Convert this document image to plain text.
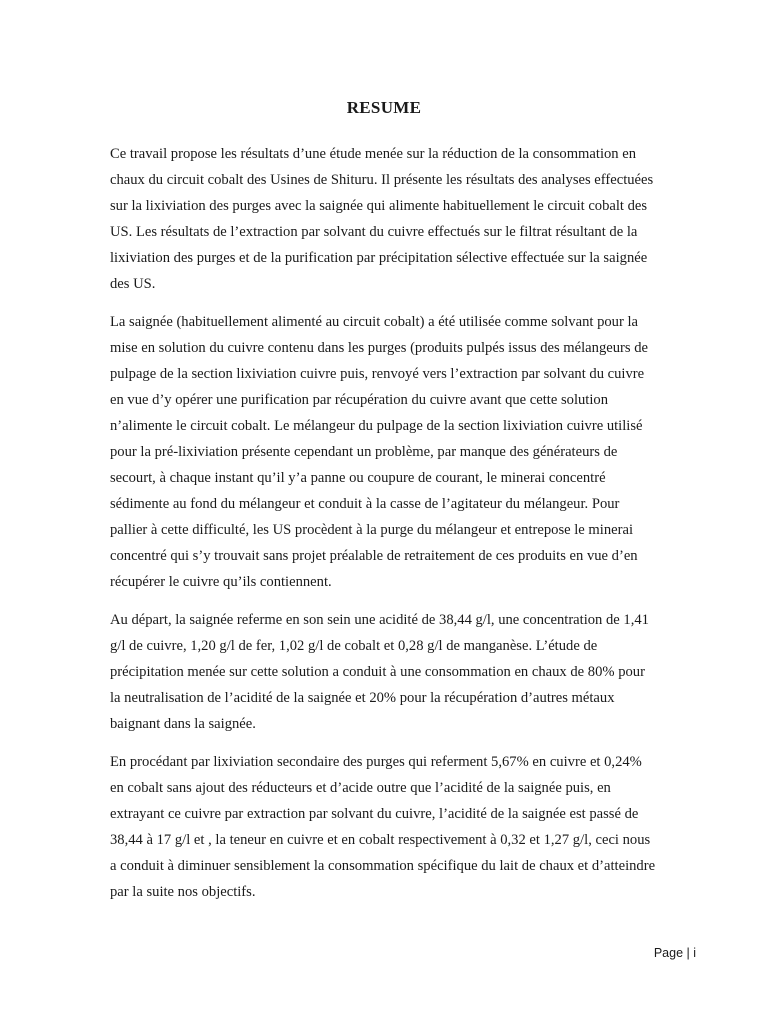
RESUME

Ce travail propose les résultats d’une étude menée sur la réduction de la consommation en chaux du circuit cobalt des Usines de Shituru. Il présente les résultats des analyses effectuées sur la lixiviation des purges avec la saignée qui alimente habituellement le circuit cobalt des US. Les résultats de l’extraction par solvant du cuivre effectués sur le filtrat résultant de la lixiviation des purges et de la purification par précipitation sélective effectuée sur la saignée des US.

La saignée (habituellement alimenté au circuit cobalt) a été utilisée comme solvant pour la mise en solution du cuivre contenu dans les purges (produits pulpés issus des mélangeurs de pulpage de la section lixiviation cuivre puis, renvoyé vers l’extraction par solvant du cuivre en vue d’y opérer une purification par récupération du cuivre avant que cette solution n’alimente le circuit cobalt. Le mélangeur du pulpage de la section lixiviation cuivre utilisé pour la pré-lixiviation présente cependant un problème, par manque des générateurs de secourt, à chaque instant qu’il y’a panne ou coupure de courant, le minerai concentré sédimente au fond du mélangeur et conduit à la casse de l’agitateur du mélangeur. Pour pallier à cette difficulté, les US procèdent à la purge du mélangeur et entrepose le minerai concentré qui s’y trouvait sans projet préalable de retraitement de ces produits en vue d’en récupérer le cuivre qu’ils contiennent.

Au départ, la saignée referme en son sein une acidité de 38,44 g/l, une concentration de 1,41 g/l de cuivre, 1,20 g/l de fer, 1,02 g/l de cobalt et 0,28 g/l de manganèse. L’étude de précipitation menée sur cette solution a conduit à une consommation en chaux de 80% pour la neutralisation de l’acidité de la saignée et 20% pour la récupération d’autres métaux baignant dans la saignée.

En procédant par lixiviation secondaire des purges qui referment 5,67% en cuivre et 0,24% en cobalt sans ajout des réducteurs et d’acide outre que l’acidité de la saignée puis, en extrayant ce cuivre par extraction par solvant du cuivre, l’acidité de la saignée est passé de 38,44 à 17 g/l et , la teneur en cuivre et en cobalt respectivement à 0,32 et 1,27 g/l, ceci nous a conduit à diminuer sensiblement la consommation spécifique du lait de chaux et d’atteindre par la suite nos objectifs.

Page | i
